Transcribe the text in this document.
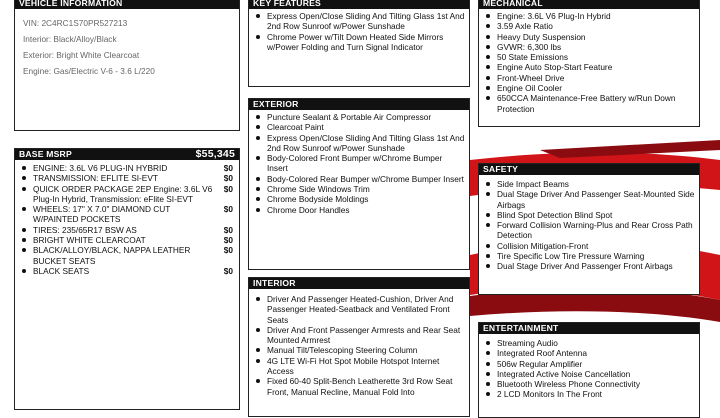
VEHICLE INFORMATION
VIN: 2C4RC1S70PR527213
Interior: Black/Alloy/Black
Exterior: Bright White Clearcoat
Engine: Gas/Electric V-6 - 3.6 L/220
BASE MSRP	$55,345
ENGINE: 3.6L V6 PLUG-IN HYBRID	$0
TRANSMISSION: EFLITE SI-EVT	$0
QUICK ORDER PACKAGE 2EP Engine: 3.6L V6 Plug-In Hybrid, Transmission: eFlite SI-EVT
$0
WHEELS: 17" X 7.0" DIAMOND CUT W/PAINTED POCKETS
$0
TIRES: 235/65R17 BSW AS	$0
BRIGHT WHITE CLEARCOAT	$0
BLACK/ALLOY/BLACK, NAPPA LEATHER BUCKET SEATS
$0
BLACK SEATS	$0
KEY FEATURES
Express Open/Close Sliding And Tilting Glass 1st And 2nd Row Sunroof w/Power Sunshade
Chrome Power w/Tilt Down Heated Side Mirrors w/Power Folding and Turn Signal Indicator
EXTERIOR
Puncture Sealant & Portable Air Compressor
Clearcoat Paint
Express Open/Close Sliding And Tilting Glass 1st And 2nd Row Sunroof w/Power Sunshade
Body-Colored Front Bumper w/Chrome Bumper Insert
Body-Colored Rear Bumper w/Chrome Bumper Insert
Chrome Side Windows Trim
Chrome Bodyside Moldings
Chrome Door Handles
INTERIOR
Driver And Passenger Heated-Cushion, Driver And Passenger Heated-Seatback and Ventilated Front Seats
Driver And Front Passenger Armrests and Rear Seat Mounted Armrest
Manual Tilt/Telescoping Steering Column
4G LTE Wi-Fi Hot Spot Mobile Hotspot Internet Access
Fixed 60-40 Split-Bench Leatherette 3rd Row Seat Front, Manual Recline, Manual Fold Into
MECHANICAL
Engine: 3.6L V6 Plug-In Hybrid
3.59 Axle Ratio
Heavy Duty Suspension
GVWR: 6,300 lbs
50 State Emissions
Engine Auto Stop-Start Feature
Front-Wheel Drive
Engine Oil Cooler
650CCA Maintenance-Free Battery w/Run Down Protection
SAFETY
Side Impact Beams
Dual Stage Driver And Passenger Seat-Mounted Side Airbags
Blind Spot Detection Blind Spot
Forward Collision Warning-Plus and Rear Cross Path Detection
Collision Mitigation-Front
Tire Specific Low Tire Pressure Warning
Dual Stage Driver And Passenger Front Airbags
ENTERTAINMENT
Streaming Audio
Integrated Roof Antenna
506w Regular Amplifier
Integrated Active Noise Cancellation
Bluetooth Wireless Phone Connectivity
2 LCD Monitors In The Front
